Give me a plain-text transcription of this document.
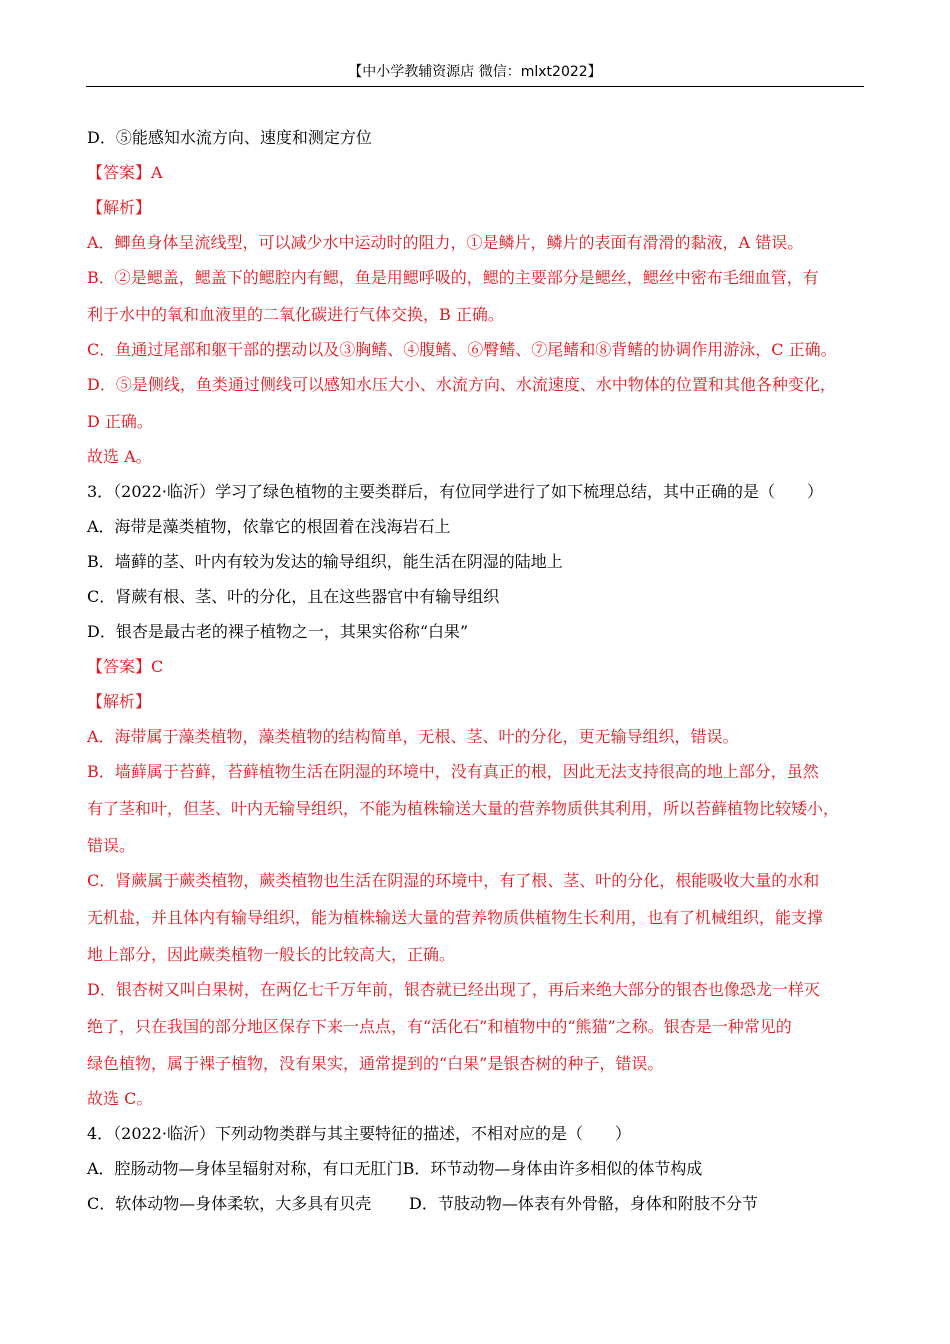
【中小学教辅资源店 微信：mlxt2022】

D．⑤能感知水流方向、速度和测定方位

【答案】A

【解析】

A．鲫鱼身体呈流线型，可以减少水中运动时的阻力，①是鳞片，鳞片的表面有滑滑的黏液，A 错误。

B．②是鳃盖，鳃盖下的鳃腔内有鳃，鱼是用鳃呼吸的，鳃的主要部分是鳃丝，鳃丝中密布毛细血管，有

利于水中的氧和血液里的二氧化碳进行气体交换，B 正确。

C．鱼通过尾部和躯干部的摆动以及③胸鳍、④腹鳍、⑥臀鳍、⑦尾鳍和⑧背鳍的协调作用游泳，C 正确。

D．⑤是侧线，鱼类通过侧线可以感知水压大小、水流方向、水流速度、水中物体的位置和其他各种变化，

D 正确。

故选 A。

3．（2022·临沂）学习了绿色植物的主要类群后，有位同学进行了如下梳理总结，其中正确的是（　　）

A．海带是藻类植物，依靠它的根固着在浅海岩石上

B．墙藓的茎、叶内有较为发达的输导组织，能生活在阴湿的陆地上

C．肾蕨有根、茎、叶的分化，且在这些器官中有输导组织

D．银杏是最古老的裸子植物之一，其果实俗称“白果”

【答案】C

【解析】

A．海带属于藻类植物，藻类植物的结构简单，无根、茎、叶的分化，更无输导组织，错误。

B．墙藓属于苔藓，苔藓植物生活在阴湿的环境中，没有真正的根，因此无法支持很高的地上部分，虽然

有了茎和叶，但茎、叶内无输导组织，不能为植株输送大量的营养物质供其利用，所以苔藓植物比较矮小，

错误。

C．肾蕨属于蕨类植物，蕨类植物也生活在阴湿的环境中，有了根、茎、叶的分化，根能吸收大量的水和

无机盐，并且体内有输导组织，能为植株输送大量的营养物质供植物生长利用，也有了机械组织，能支撑

地上部分，因此蕨类植物一般长的比较高大，正确。

D．银杏树又叫白果树，在两亿七千万年前，银杏就已经出现了，再后来绝大部分的银杏也像恐龙一样灭

绝了，只在我国的部分地区保存下来一点点，有“活化石”和植物中的“熊猫”之称。银杏是一种常见的

绿色植物，属于裸子植物，没有果实，通常提到的“白果”是银杏树的种子，错误。

故选 C。

4．（2022·临沂）下列动物类群与其主要特征的描述，不相对应的是（　　）

A．腔肠动物—身体呈辐射对称，有口无肛门B．环节动物—身体由许多相似的体节构成

C．软体动物—身体柔软，大多具有贝壳 D．节肢动物—体表有外骨骼，身体和附肢不分节
